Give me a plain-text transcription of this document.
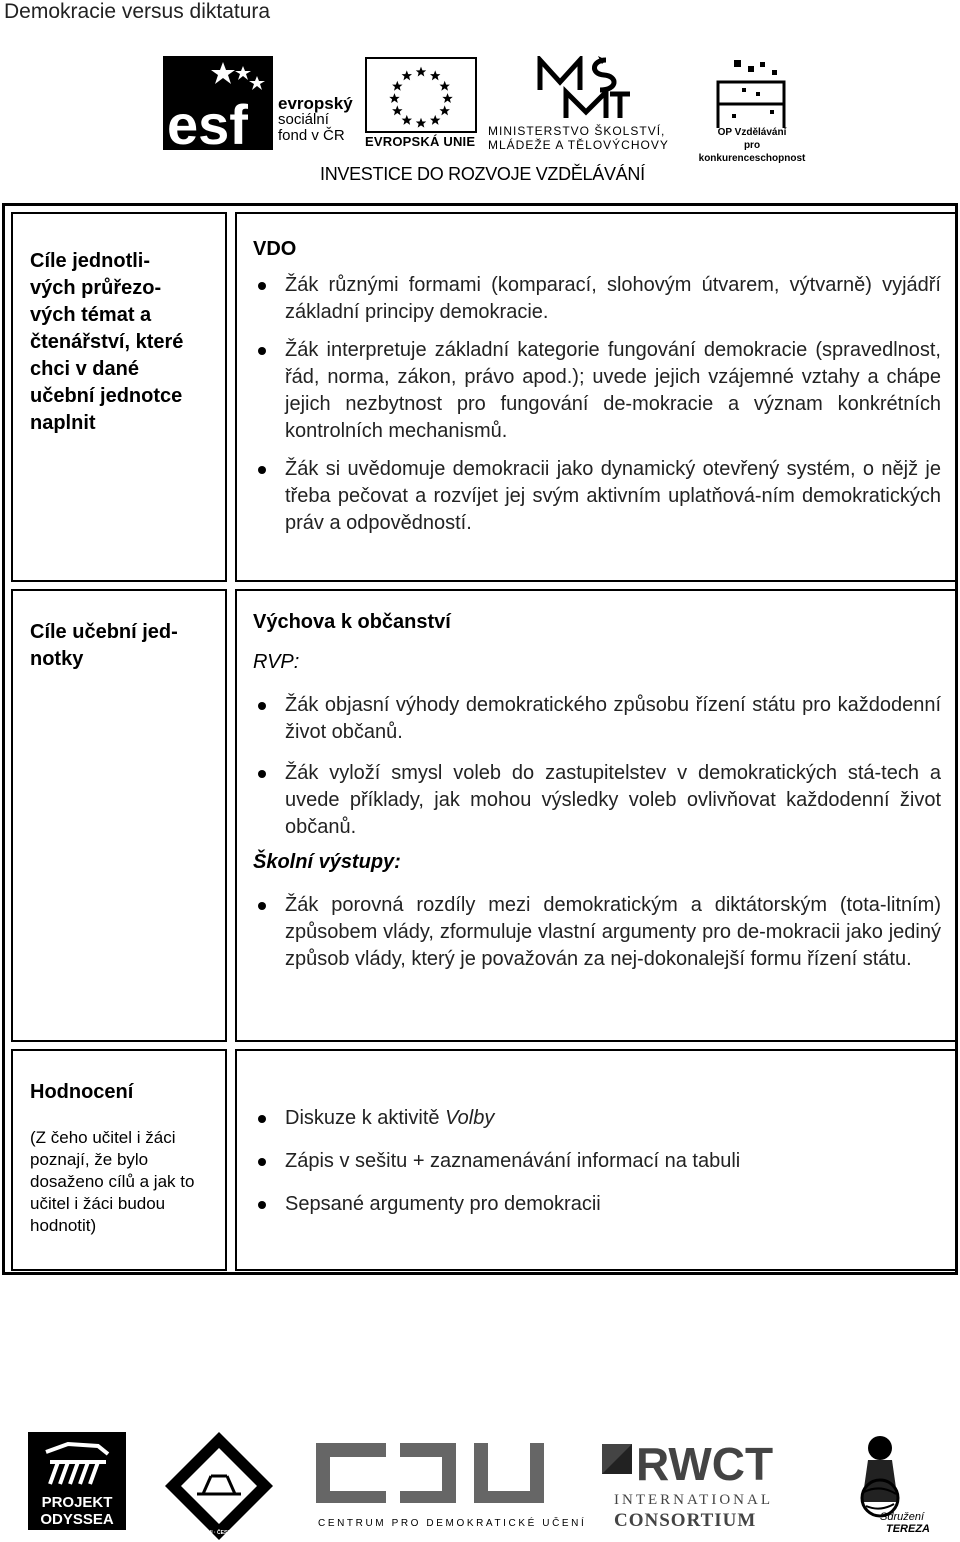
Demokracie versus diktatura
esf evropský
sociální
fond v ČR	EVROPSKÁ UNIE
MINISTERSTVO ŠKOLSTVÍ,
MLÁDEŽE A TĚLOVÝCHOVY
OP Vzdělávání
pro konkurenceschopnost
INVESTICE DO ROZVOJE VZDĚLÁVÁNÍ
Cíle jednotli-
vých průřezo-
vých témat a
čtenářství, které
chci v dané
učební jednotce
naplnit

VDO

Žák různými formami (komparací, slohovým útvarem, výtvarně) vyjádří základní principy demokracie.
Žák interpretuje základní kategorie fungování demokracie (spravedlnost, řád, norma, zákon, právo apod.); uvede jejich vzájemné vztahy a chápe jejich nezbytnost pro fungování de-mokracie a význam konkrétních kontrolních mechanismů.
Žák si uvědomuje demokracii jako dynamický otevřený systém, o nějž je třeba pečovat a rozvíjet jej svým aktivním uplatňová-ním demokratických práv a odpovědností.
Cíle učební jed-
notky

Výchova k občanství

RVP:

Žák objasní výhody demokratického způsobu řízení státu pro každodenní život občanů.
Žák vyloží smysl voleb do zastupitelstev v demokratických stá-tech a uvede příklady, jak mohou výsledky voleb ovlivňovat každodenní život občanů.

Školní výstupy:

Žák porovná rozdíly mezi demokratickým a diktátorským (tota-litním) způsobem vlády, zformuluje vlastní argumenty pro de-mokracii jako jediný způsob vlády, který je považován za nej-dokonalejší formu řízení státu.
Hodnocení
(Z čeho učitel i žáci poznají, že bylo dosaženo cílů a jak to učitel i žáci budou hodnotit)
Diskuze k aktivitě Volby
Zápis v sešitu + zaznamenávání informací na tabuli
Sepsané argumenty pro demokracii
PROJEKT
ODYSSEA
ČLOVĚK V TÍSNI · ČESKÁ REPUBLIKA
CENTRUM PRO DEMOKRATICKÉ UČENÍ
RWCT
INTERNATIONAL
CONSORTIUM	Sdružení
TEREZA
